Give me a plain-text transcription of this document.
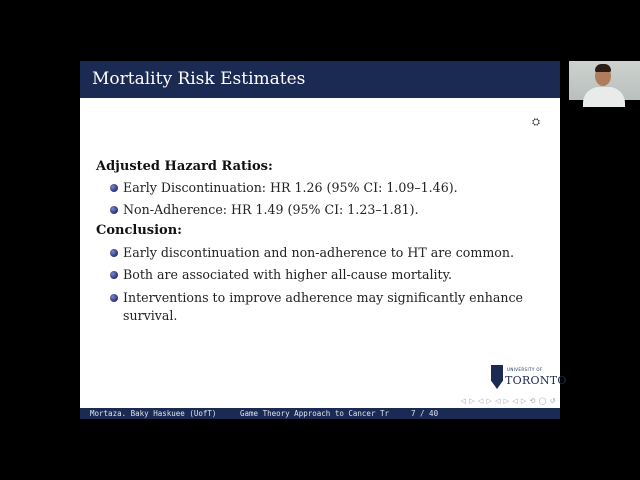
Mortality Risk Estimates
⛭
Adjusted Hazard Ratios:
Early Discontinuation: HR 1.26 (95% CI: 1.09–1.46).
Non-Adherence: HR 1.49 (95% CI: 1.23–1.81).
Conclusion:
Early discontinuation and non-adherence to HT are common.
Both are associated with higher all-cause mortality.
Interventions to improve adherence may significantly enhance survival.
UNIVERSITY OF
TORONTO
◁ ▷ ◁ ▷ ◁ ▷ ◁ ▷ ⟲ ◯ ↺
Mortaza. Baky Haskuee (UofT)	Game Theory Approach to Cancer Tr	7 / 40
